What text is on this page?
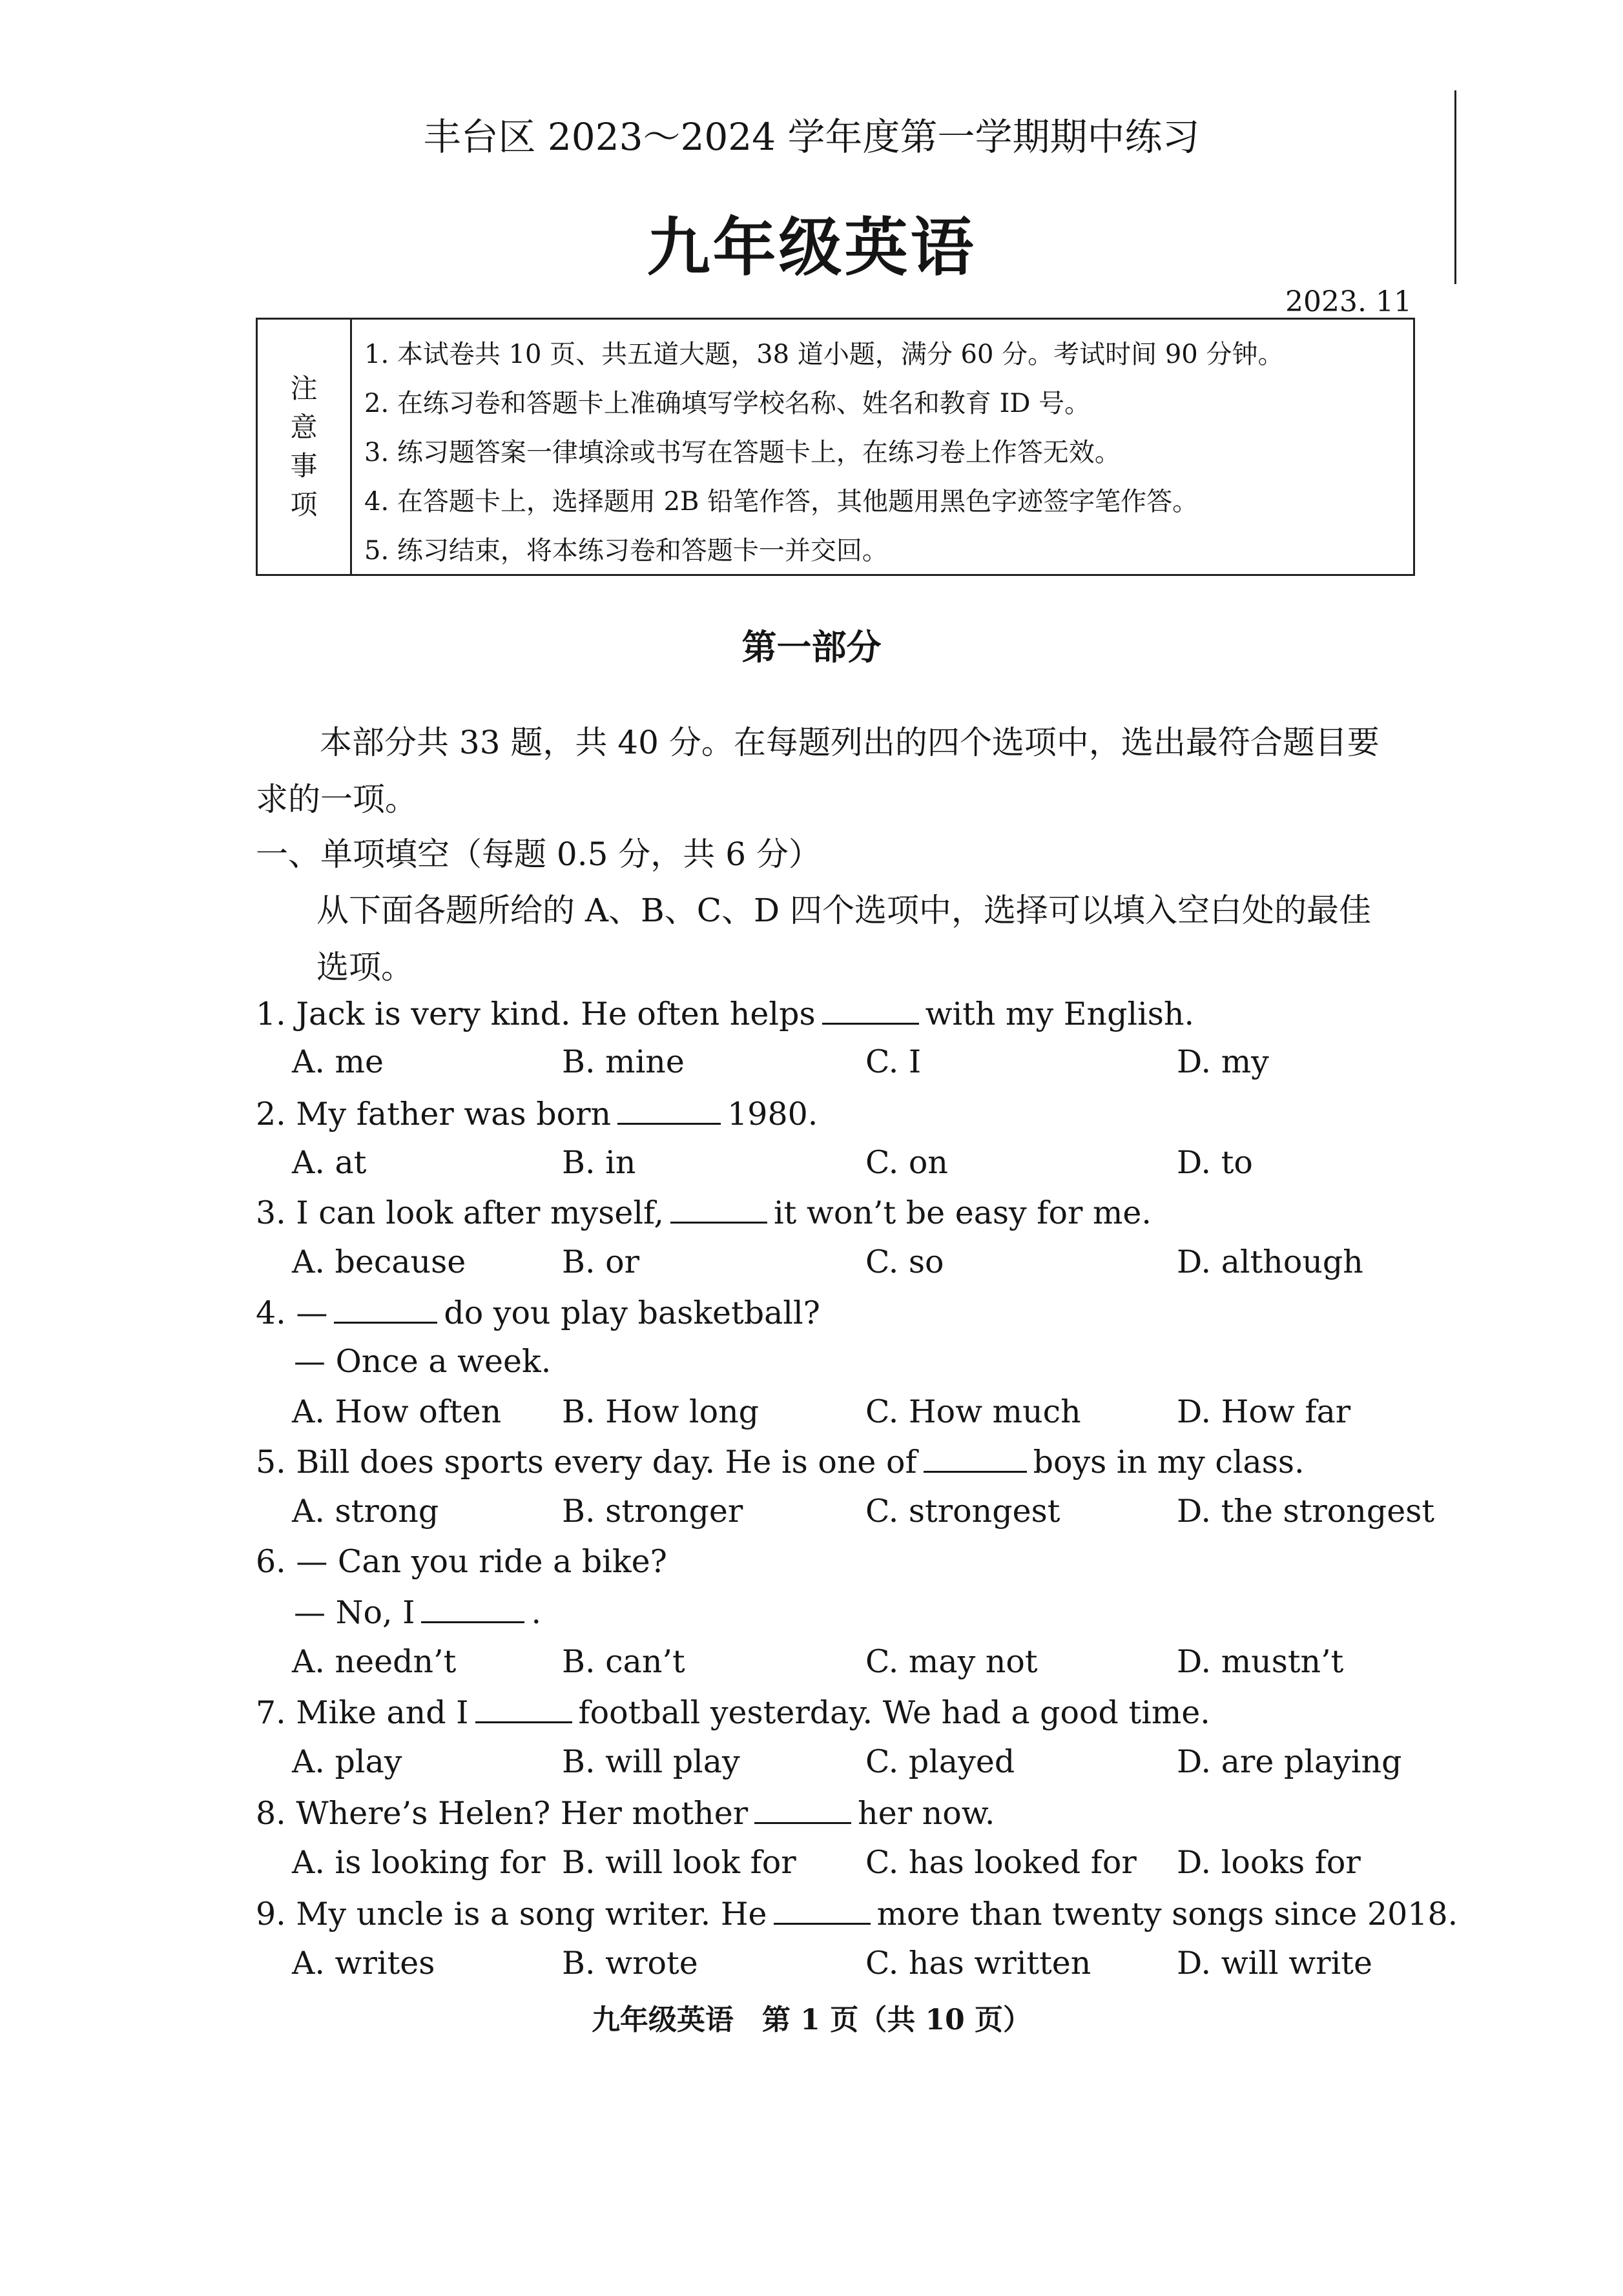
丰台区 2023～2024 学年度第一学期期中练习
九年级英语
2023. 11
注
意
事
项
1. 本试卷共 10 页、共五道大题，38 道小题，满分 60 分。考试时间 90 分钟。
2. 在练习卷和答题卡上准确填写学校名称、姓名和教育 ID 号。
3. 练习题答案一律填涂或书写在答题卡上，在练习卷上作答无效。
4. 在答题卡上，选择题用 2B 铅笔作答，其他题用黑色字迹签字笔作答。
5. 练习结束，将本练习卷和答题卡一并交回。
第一部分
本部分共 33 题，共 40 分。在每题列出的四个选项中，选出最符合题目要
求的一项。
一、单项填空（每题 0.5 分，共 6 分）
从下面各题所给的 A、B、C、D 四个选项中，选择可以填入空白处的最佳
选项。
1. Jack is very kind. He often helps	with my English.
A. me	B. mine	C. I	D. my
2. My father was born	1980.
A. at	B. in	C. on	D. to
3. I can look after myself,	it won’t be easy for me.
A. because	B. or	C. so	D. although
4. —	do you play basketball?
— Once a week.
A. How often B. How long	C. How much	D. How far
5. Bill does sports every day. He is one of	boys in my class.
A. strong	B. stronger	C. strongest	D. the strongest
6. — Can you ride a bike?
— No, I	.
A. needn’t	B. can’t	C. may not	D. mustn’t
7. Mike and I	football yesterday. We had a good time.
A. play	B. will play	C. played	D. are playing
8. Where’s Helen? Her mother	her now.
A. is looking for B. will look for C. has looked for D. looks for
9. My uncle is a song writer. He	more than twenty songs since 2018.
A. writes	B. wrote	C. has written	D. will write
九年级英语　第 1 页（共 10 页）
